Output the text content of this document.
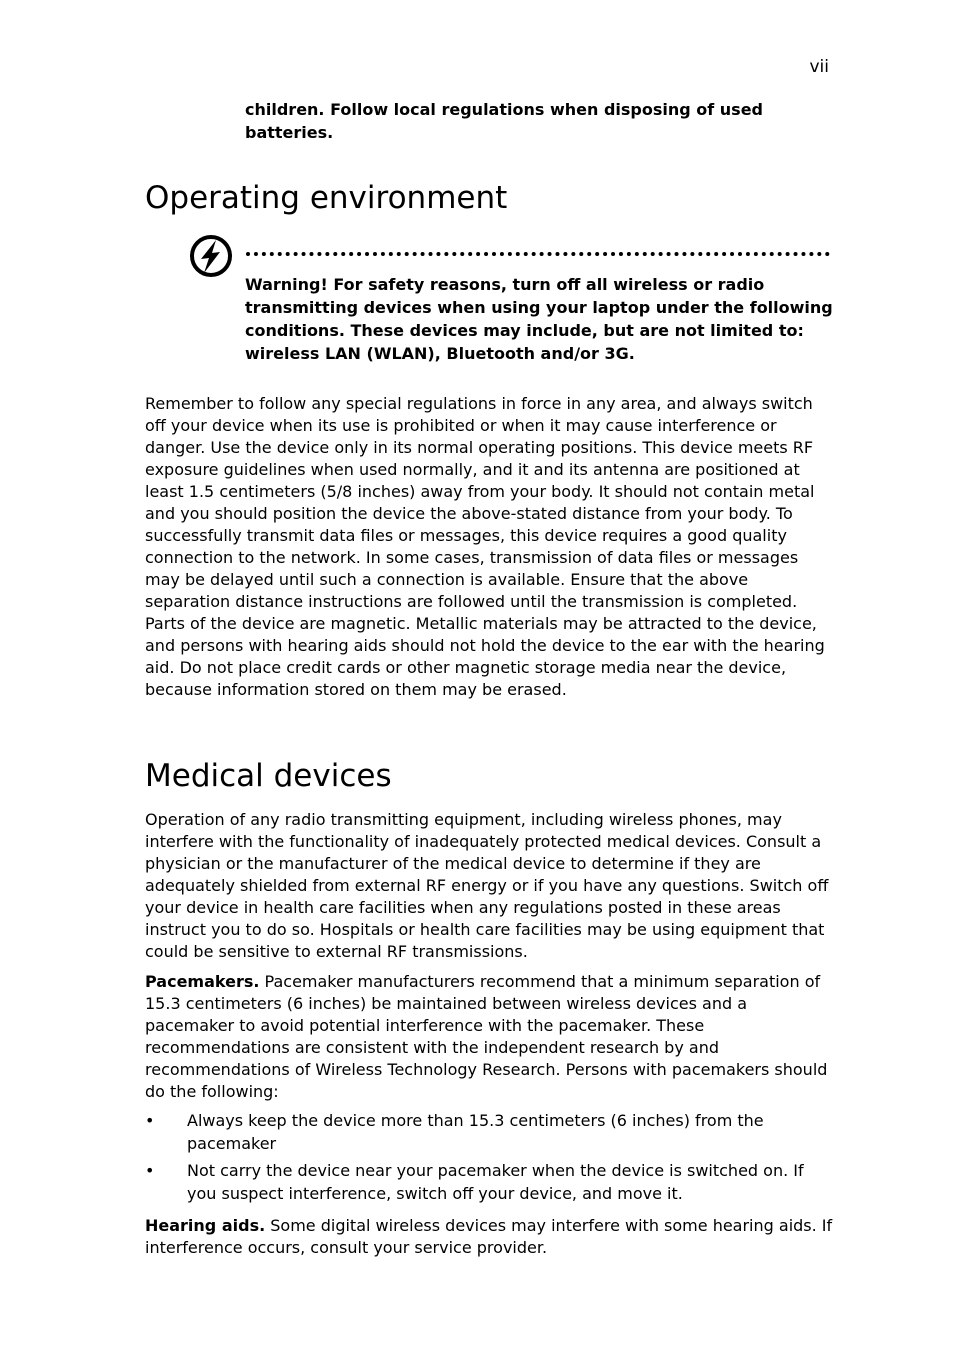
vii
children. Follow local regulations when disposing of used batteries.
Operating environment
Warning! For safety reasons, turn off all wireless or radio transmitting devices when using your laptop under the following conditions. These devices may include, but are not limited to: wireless LAN (WLAN), Bluetooth and/or 3G.

Remember to follow any special regulations in force in any area, and always switch off your device when its use is prohibited or when it may cause interference or danger. Use the device only in its normal operating positions. This device meets RF exposure guidelines when used normally, and it and its antenna are positioned at least 1.5 centimeters (5/8 inches) away from your body. It should not contain metal and you should position the device the above-stated distance from your body. To successfully transmit data files or messages, this device requires a good quality connection to the network. In some cases, transmission of data files or messages may be delayed until such a connection is available. Ensure that the above separation distance instructions are followed until the transmission is completed. Parts of the device are magnetic. Metallic materials may be attracted to the device, and persons with hearing aids should not hold the device to the ear with the hearing aid. Do not place credit cards or other magnetic storage media near the device, because information stored on them may be erased.

Medical devices

Operation of any radio transmitting equipment, including wireless phones, may interfere with the functionality of inadequately protected medical devices. Consult a physician or the manufacturer of the medical device to determine if they are adequately shielded from external RF energy or if you have any questions. Switch off your device in health care facilities when any regulations posted in these areas instruct you to do so. Hospitals or health care facilities may be using equipment that could be sensitive to external RF transmissions.

Pacemakers. Pacemaker manufacturers recommend that a minimum separation of 15.3 centimeters (6 inches) be maintained between wireless devices and a pacemaker to avoid potential interference with the pacemaker. These recommendations are consistent with the independent research by and recommendations of Wireless Technology Research. Persons with pacemakers should do the following:

• Always keep the device more than 15.3 centimeters (6 inches) from the pacemaker
• Not carry the device near your pacemaker when the device is switched on. If you suspect interference, switch off your device, and move it.

Hearing aids. Some digital wireless devices may interfere with some hearing aids. If interference occurs, consult your service provider.
